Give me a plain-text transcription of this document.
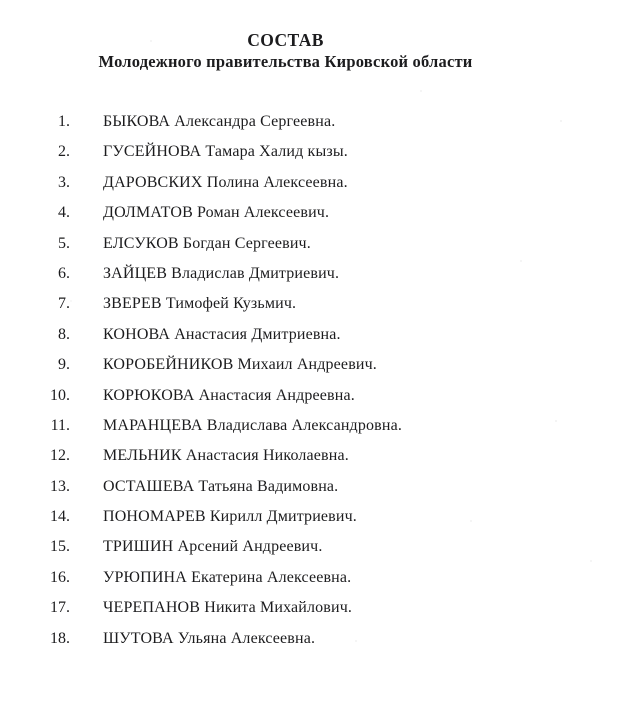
СОСТАВ
Молодежного правительства Кировской области
1. БЫКОВА Александра Сергеевна.
2. ГУСЕЙНОВА Тамара Халид кызы.
3. ДАРОВСКИХ Полина Алексеевна.
4. ДОЛМАТОВ Роман Алексеевич.
5. ЕЛСУКОВ Богдан Сергеевич.
6. ЗАЙЦЕВ Владислав Дмитриевич.
7. ЗВЕРЕВ Тимофей Кузьмич.
8. КОНОВА Анастасия Дмитриевна.
9. КОРОБЕЙНИКОВ Михаил Андреевич.
10. КОРЮКОВА Анастасия Андреевна.
11. МАРАНЦЕВА Владислава Александровна.
12. МЕЛЬНИК Анастасия Николаевна.
13. ОСТАШЕВА Татьяна Вадимовна.
14. ПОНОМАРЕВ Кирилл Дмитриевич.
15. ТРИШИН Арсений Андреевич.
16. УРЮПИНА Екатерина Алексеевна.
17. ЧЕРЕПАНОВ Никита Михайлович.
18. ШУТОВА Ульяна Алексеевна.
